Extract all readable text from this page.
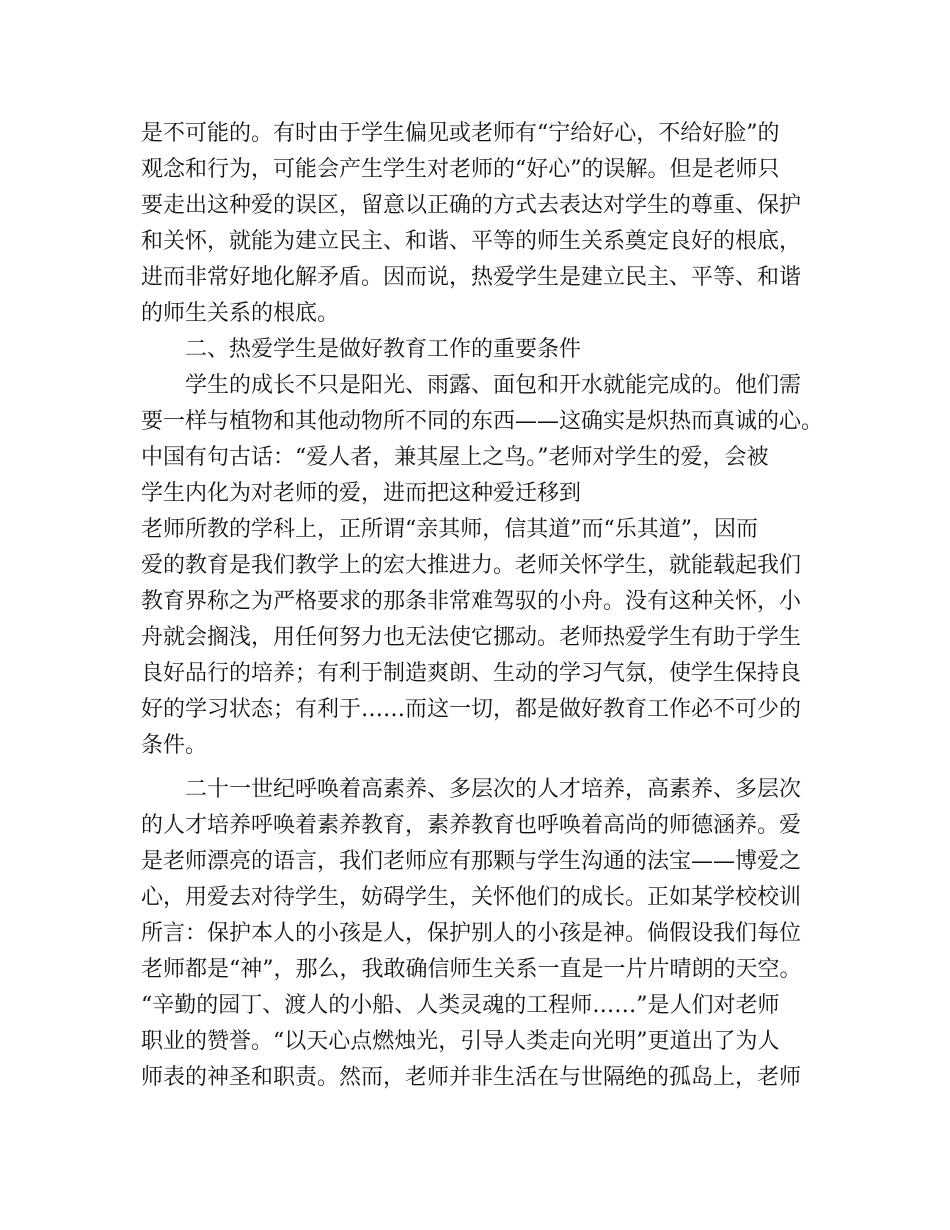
是不可能的。有时由于学生偏见或老师有“宁给好心，不给好脸”的
观念和行为，可能会产生学生对老师的“好心”的误解。但是老师只
要走出这种爱的误区，留意以正确的方式去表达对学生的尊重、保护
和关怀，就能为建立民主、和谐、平等的师生关系奠定良好的根底，
进而非常好地化解矛盾。因而说，热爱学生是建立民主、平等、和谐
的师生关系的根底。
二、热爱学生是做好教育工作的重要条件
学生的成长不只是阳光、雨露、面包和开水就能完成的。他们需
要一样与植物和其他动物所不同的东西——这确实是炽热而真诚的心。
中国有句古话：“爱人者，兼其屋上之鸟。”老师对学生的爱，会被
学生内化为对老师的爱，进而把这种爱迁移到
老师所教的学科上，正所谓“亲其师，信其道”而“乐其道”，因而
爱的教育是我们教学上的宏大推进力。老师关怀学生，就能载起我们
教育界称之为严格要求的那条非常难驾驭的小舟。没有这种关怀，小
舟就会搁浅，用任何努力也无法使它挪动。老师热爱学生有助于学生
良好品行的培养；有利于制造爽朗、生动的学习气氛，使学生保持良
好的学习状态；有利于……而这一切，都是做好教育工作必不可少的
条件。
二十一世纪呼唤着高素养、多层次的人才培养，高素养、多层次
的人才培养呼唤着素养教育，素养教育也呼唤着高尚的师德涵养。爱
是老师漂亮的语言，我们老师应有那颗与学生沟通的法宝——博爱之
心，用爱去对待学生，妨碍学生，关怀他们的成长。正如某学校校训
所言：保护本人的小孩是人，保护别人的小孩是神。倘假设我们每位
老师都是“神”，那么，我敢确信师生关系一直是一片片晴朗的天空。
“辛勤的园丁、渡人的小船、人类灵魂的工程师……”是人们对老师
职业的赞誉。“以天心点燃烛光，引导人类走向光明”更道出了为人
师表的神圣和职责。然而，老师并非生活在与世隔绝的孤岛上，老师
